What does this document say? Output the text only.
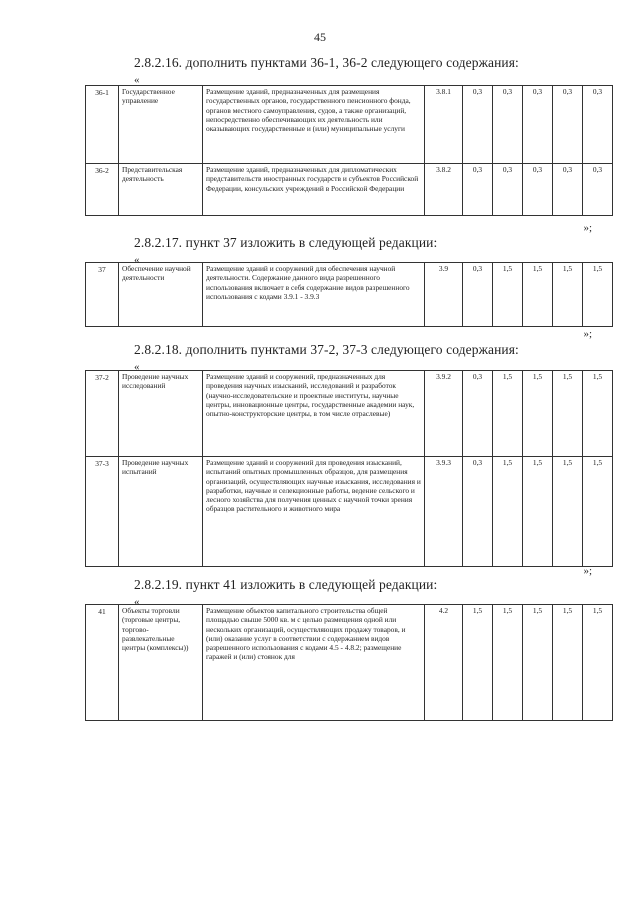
45
2.8.2.16. дополнить пунктами 36-1, 36-2 следующего содержания:
«
36-1	Государственное управление	Размещение зданий, предназначенных для размещения государственных органов, государственного пенсионного фонда, органов местного самоуправления, судов, а также организаций, непосредственно обеспечивающих их деятельность или оказывающих государственные и (или) муниципальные услуги	3.8.1	0,3	0,3	0,3	0,3	0,3
36-2	Представительская деятельность	Размещение зданий, предназначенных для дипломатических представительств иностранных государств и субъектов Российской Федерации, консульских учреждений в Российской Федерации	3.8.2	0,3	0,3	0,3	0,3	0,3
»;
2.8.2.17. пункт 37 изложить в следующей редакции:
«
37	Обеспечение научной деятельности	Размещение зданий и сооружений для обеспечения научной деятельности. Содержание данного вида разрешенного использования включает в себя содержание видов разрешенного использования с кодами 3.9.1 - 3.9.3	3.9	0,3	1,5	1,5	1,5	1,5
»;
2.8.2.18. дополнить пунктами 37-2, 37-3 следующего содержания:
«
37-2	Проведение научных исследований	Размещение зданий и сооружений, предназначенных для проведения научных изысканий, исследований и разработок (научно-исследовательские и проектные институты, научные центры, инновационные центры, государственные академии наук, опытно-конструкторские центры, в том числе отраслевые)	3.9.2	0,3	1,5	1,5	1,5	1,5
37-3	Проведение научных испытаний	Размещение зданий и сооружений для проведения изысканий, испытаний опытных промышленных образцов, для размещения организаций, осуществляющих научные изыскания, исследования и разработки, научные и селекционные работы, ведение сельского и лесного хозяйства для получения ценных с научной точки зрения образцов растительного и животного мира	3.9.3	0,3	1,5	1,5	1,5	1,5
»;
2.8.2.19. пункт 41 изложить в следующей редакции:
«
41	Объекты торговли (торговые центры, торгово-развлекательные центры (комплексы))	Размещение объектов капитального строительства общей площадью свыше 5000 кв. м с целью размещения одной или нескольких организаций, осуществляющих продажу товаров, и (или) оказание услуг в соответствии с содержанием видов разрешенного использования с кодами 4.5 - 4.8.2; размещение гаражей и (или) стоянок для	4.2	1,5	1,5	1,5	1,5	1,5
